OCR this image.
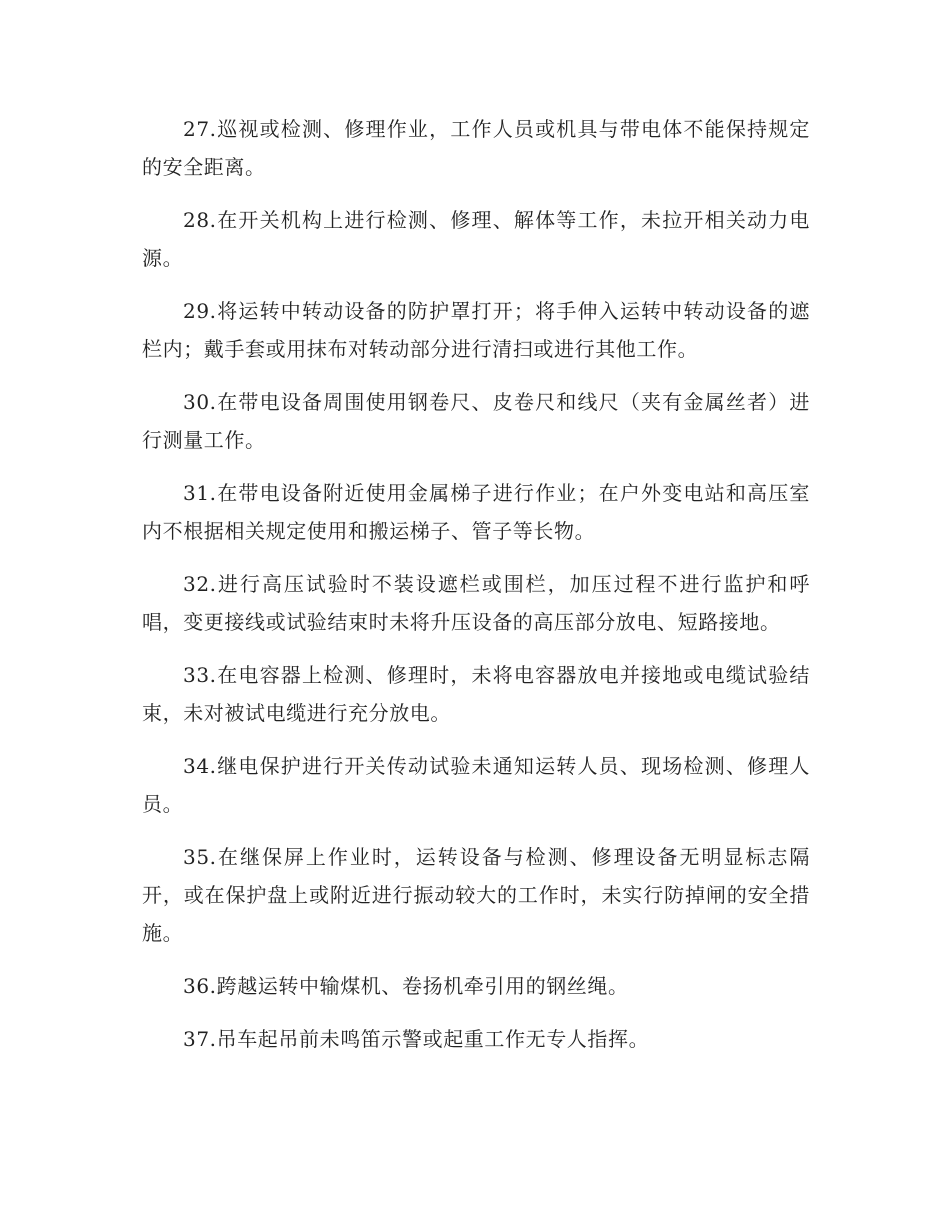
27.巡视或检测、修理作业，工作人员或机具与带电体不能保持规定的安全距离。

28.在开关机构上进行检测、修理、解体等工作，未拉开相关动力电源。

29.将运转中转动设备的防护罩打开；将手伸入运转中转动设备的遮栏内；戴手套或用抹布对转动部分进行清扫或进行其他工作。

30.在带电设备周围使用钢卷尺、皮卷尺和线尺（夹有金属丝者）进行测量工作。

31.在带电设备附近使用金属梯子进行作业；在户外变电站和高压室内不根据相关规定使用和搬运梯子、管子等长物。

32.进行高压试验时不装设遮栏或围栏，加压过程不进行监护和呼唱，变更接线或试验结束时未将升压设备的高压部分放电、短路接地。

33.在电容器上检测、修理时，未将电容器放电并接地或电缆试验结束，未对被试电缆进行充分放电。

34.继电保护进行开关传动试验未通知运转人员、现场检测、修理人员。

35.在继保屏上作业时，运转设备与检测、修理设备无明显标志隔开，或在保护盘上或附近进行振动较大的工作时，未实行防掉闸的安全措施。

36.跨越运转中输煤机、卷扬机牵引用的钢丝绳。

37.吊车起吊前未鸣笛示警或起重工作无专人指挥。
